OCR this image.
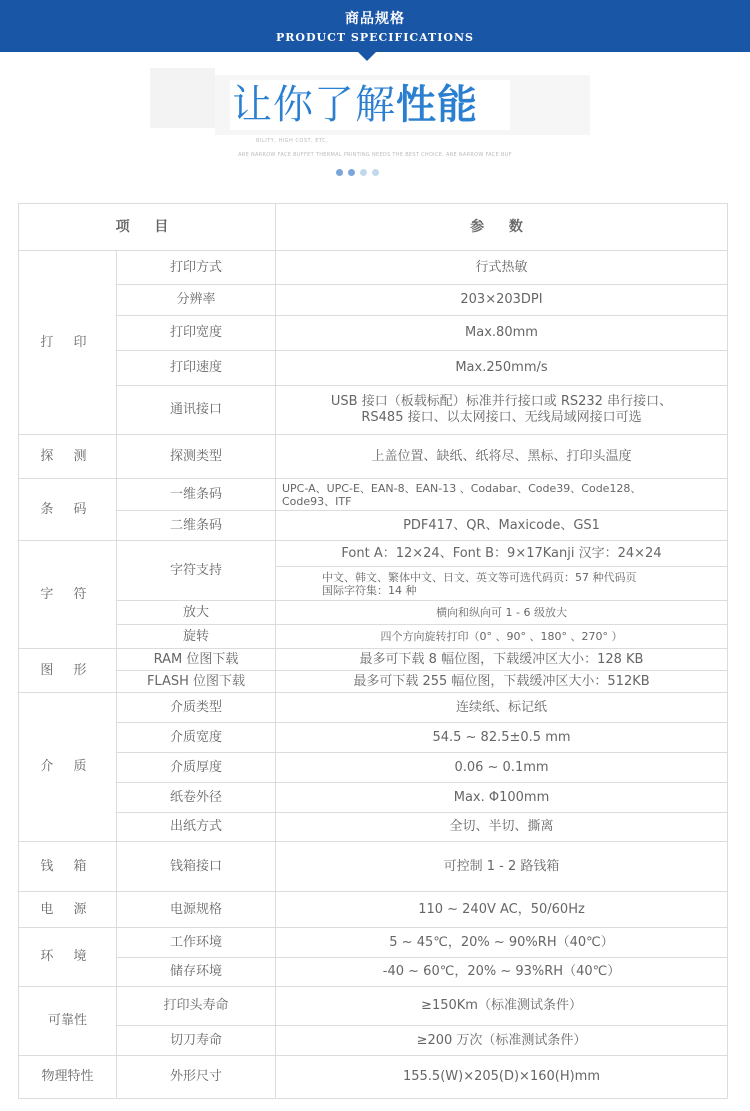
商品规格
PRODUCT SPECIFICATIONS
让你了解性能
BILITY, HIGH COST, ETC,
ARE NARROW FACE BUFFET THERMAL PRINTING NEEDS THE BEST CHOICE. ARE NARROW FACE BUF
项 目		参 数
打 印	打印方式	行式热敏
	分辨率	203×203DPI
	打印宽度	Max.80mm
	打印速度	Max.250mm/s
	通讯接口	USB 接口（板载标配）标准并行接口或 RS232 串行接口、
RS485 接口、以太网接口、无线局域网接口可选

探 测	探测类型	上盖位置、缺纸、纸将尽、黑标、打印头温度
条 码	一维条码	UPC-A、UPC-E、EAN-8、EAN-13 、Codabar、Code39、Code128、
Code93、ITF

	二维条码	PDF417、QR、Maxicode、GS1
字 符	字符支持	Font A：12×24、Font B：9×17Kanji 汉字：24×24

		中文、韩文、繁体中文、日文、英文等可选代码页：57 种代码页
国际字符集：14 种

	放大	横向和纵向可 1 - 6 级放大
	旋转	四个方向旋转打印（0° 、90° 、180° 、270° ）
图 形	RAM 位图下载	最多可下载 8 幅位图，下载缓冲区大小：128 KB
	FLASH 位图下载	最多可下载 255 幅位图，下载缓冲区大小：512KB
介 质	介质类型	连续纸、标记纸
	介质宽度	54.5 ~ 82.5±0.5 mm
	介质厚度	0.06 ~ 0.1mm
	纸卷外径	Max. Φ100mm
	出纸方式	全切、半切、撕离
钱 箱	钱箱接口	可控制 1 - 2 路钱箱
电 源	电源规格	110 ~ 240V AC，50/60Hz
环 境	工作环境	5 ~ 45℃，20% ~ 90%RH（40℃）
	储存环境	-40 ~ 60℃，20% ~ 93%RH（40℃）
可靠性	打印头寿命	≥150Km（标准测试条件）
	切刀寿命	≥200 万次（标准测试条件）
物理特性	外形尺寸	155.5(W)×205(D)×160(H)mm
